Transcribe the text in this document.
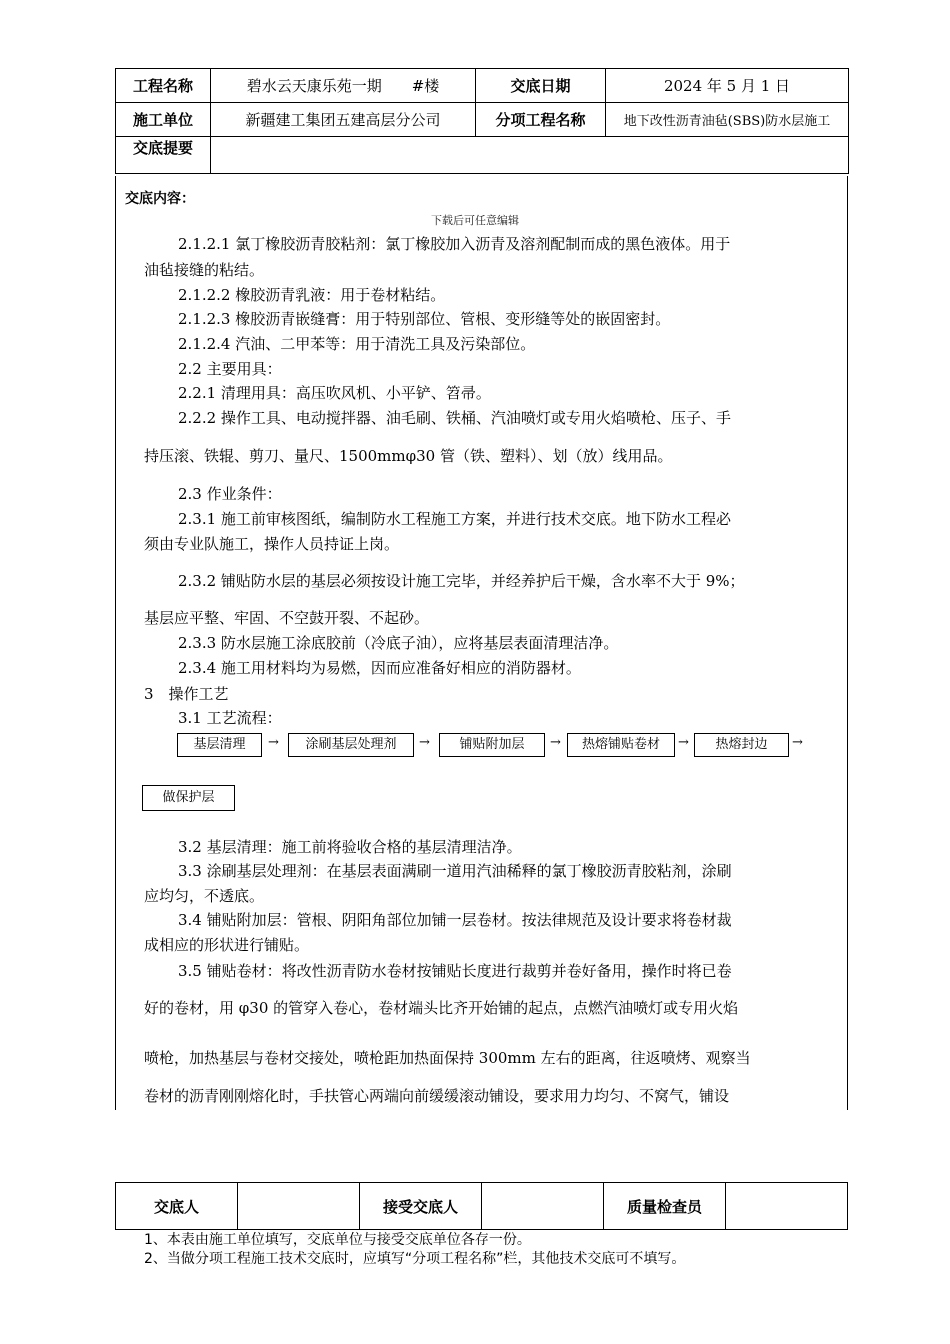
工程名称	碧水云天康乐苑一期　　#楼	交底日期	2024 年 5 月 1 日
施工单位	新疆建工集团五建高层分公司	分项工程名称	地下改性沥青油毡(SBS)防水层施工
交底提要			
交底内容：
下载后可任意编辑
2.1.2.1 氯丁橡胶沥青胶粘剂：氯丁橡胶加入沥青及溶剂配制而成的黑色液体。用于
油毡接缝的粘结。
2.1.2.2 橡胶沥青乳液：用于卷材粘结。
2.1.2.3 橡胶沥青嵌缝膏：用于特别部位、管根、变形缝等处的嵌固密封。
2.1.2.4 汽油、二甲苯等：用于清洗工具及污染部位。
2.2 主要用具：
2.2.1 清理用具：高压吹风机、小平铲、笤帚。
2.2.2 操作工具、电动搅拌器、油毛刷、铁桶、汽油喷灯或专用火焰喷枪、压子、手
持压滚、铁辊、剪刀、量尺、1500mmφ30 管（铁、塑料）、划（放）线用品。
2.3 作业条件：
2.3.1 施工前审核图纸，编制防水工程施工方案，并进行技术交底。地下防水工程必
须由专业队施工，操作人员持证上岗。
2.3.2 铺贴防水层的基层必须按设计施工完毕，并经养护后干燥，含水率不大于 9%；
基层应平整、牢固、不空鼓开裂、不起砂。
2.3.3 防水层施工涂底胶前（冷底子油），应将基层表面清理洁净。
2.3.4 施工用材料均为易燃，因而应准备好相应的消防器材。
3　操作工艺
3.1 工艺流程：
基层清理	→	涂刷基层处理剂	→	铺贴附加层	→	热熔铺贴卷材	→	热熔封边	→
做保护层
3.2 基层清理：施工前将验收合格的基层清理洁净。
3.3 涂刷基层处理剂：在基层表面满刷一道用汽油稀释的氯丁橡胶沥青胶粘剂，涂刷
应均匀，不透底。
3.4 铺贴附加层：管根、阴阳角部位加铺一层卷材。按法律规范及设计要求将卷材裁
成相应的形状进行铺贴。
3.5 铺贴卷材：将改性沥青防水卷材按铺贴长度进行裁剪并卷好备用，操作时将已卷
好的卷材，用 φ30 的管穿入卷心，卷材端头比齐开始铺的起点，点燃汽油喷灯或专用火焰
喷枪，加热基层与卷材交接处，喷枪距加热面保持 300mm 左右的距离，往返喷烤、观察当
卷材的沥青刚刚熔化时，手扶管心两端向前缓缓滚动铺设，要求用力均匀、不窝气，铺设
交底人		接受交底人		质量检查员	
1、本表由施工单位填写，交底单位与接受交底单位各存一份。
2、当做分项工程施工技术交底时，应填写“分项工程名称”栏，其他技术交底可不填写。
